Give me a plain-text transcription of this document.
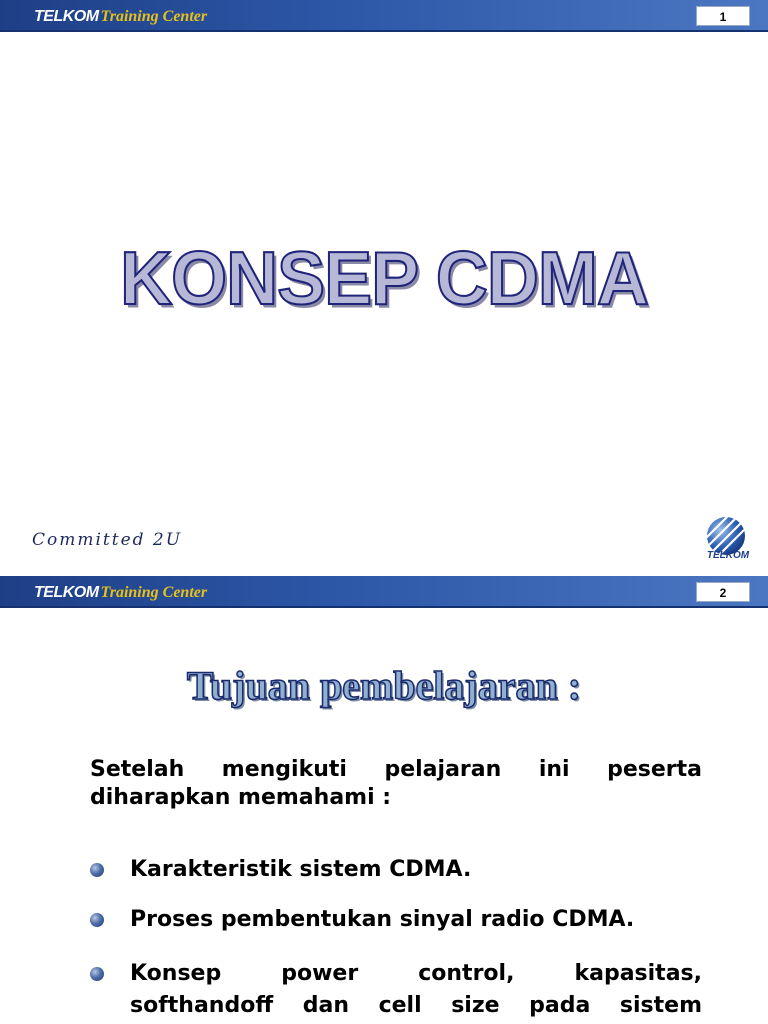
TELKOM Training Center	1
KONSEP CDMA
Committed 2U
TELKOM
TELKOM Training Center	2
Tujuan pembelajaran :
Setelah mengikuti pelajaran ini peserta
diharapkan memahami :
Karakteristik sistem CDMA.
Proses pembentukan sinyal radio CDMA.
Konsep power control, kapasitas,
softhandoff dan cell size pada sistem
